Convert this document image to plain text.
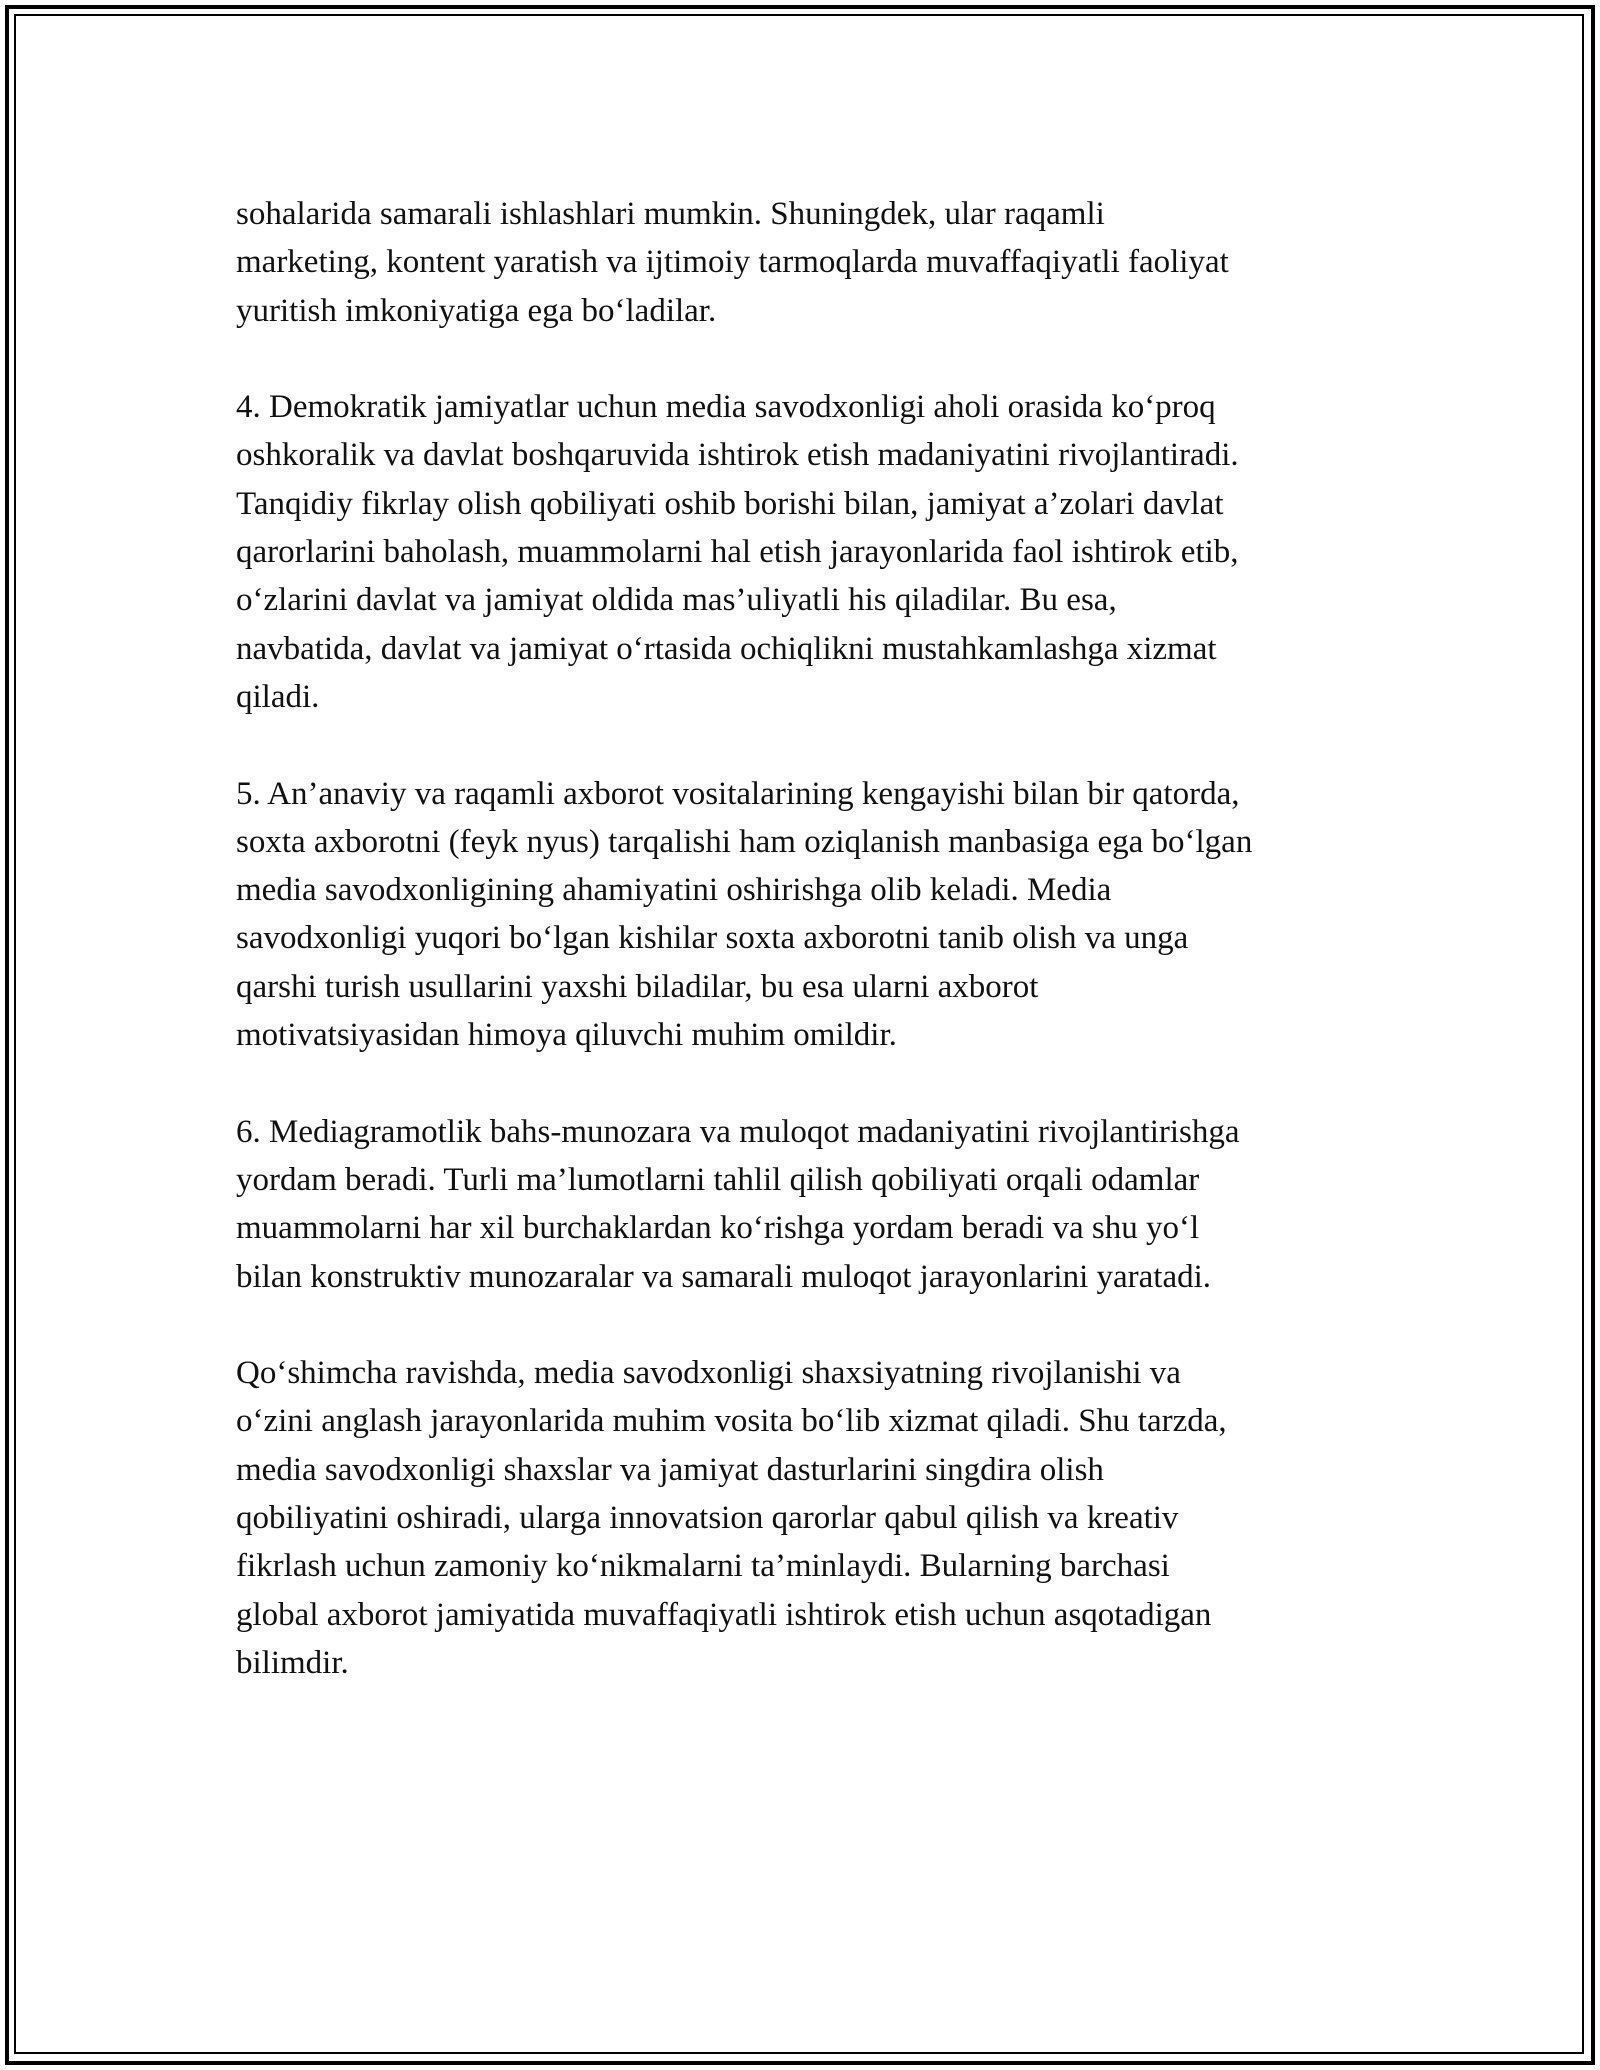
sohalarida samarali ishlashlari mumkin. Shuningdek, ular raqamli
marketing, kontent yaratish va ijtimoiy tarmoqlarda muvaffaqiyatli faoliyat
yuritish imkoniyatiga ega bo‘ladilar.

4. Demokratik jamiyatlar uchun media savodxonligi aholi orasida ko‘proq
oshkoralik va davlat boshqaruvida ishtirok etish madaniyatini rivojlantiradi.
Tanqidiy fikrlay olish qobiliyati oshib borishi bilan, jamiyat a’zolari davlat
qarorlarini baholash, muammolarni hal etish jarayonlarida faol ishtirok etib,
o‘zlarini davlat va jamiyat oldida mas’uliyatli his qiladilar. Bu esa,
navbatida, davlat va jamiyat o‘rtasida ochiqlikni mustahkamlashga xizmat
qiladi.

5. An’anaviy va raqamli axborot vositalarining kengayishi bilan bir qatorda,
soxta axborotni (feyk nyus) tarqalishi ham oziqlanish manbasiga ega bo‘lgan
media savodxonligining ahamiyatini oshirishga olib keladi. Media
savodxonligi yuqori bo‘lgan kishilar soxta axborotni tanib olish va unga
qarshi turish usullarini yaxshi biladilar, bu esa ularni axborot
motivatsiyasidan himoya qiluvchi muhim omildir.

6. Mediagramotlik bahs-munozara va muloqot madaniyatini rivojlantirishga
yordam beradi. Turli ma’lumotlarni tahlil qilish qobiliyati orqali odamlar
muammolarni har xil burchaklardan ko‘rishga yordam beradi va shu yo‘l
bilan konstruktiv munozaralar va samarali muloqot jarayonlarini yaratadi.

Qo‘shimcha ravishda, media savodxonligi shaxsiyatning rivojlanishi va
o‘zini anglash jarayonlarida muhim vosita bo‘lib xizmat qiladi. Shu tarzda,
media savodxonligi shaxslar va jamiyat dasturlarini singdira olish
qobiliyatini oshiradi, ularga innovatsion qarorlar qabul qilish va kreativ
fikrlash uchun zamoniy ko‘nikmalarni ta’minlaydi. Bularning barchasi
global axborot jamiyatida muvaffaqiyatli ishtirok etish uchun asqotadigan
bilimdir.
